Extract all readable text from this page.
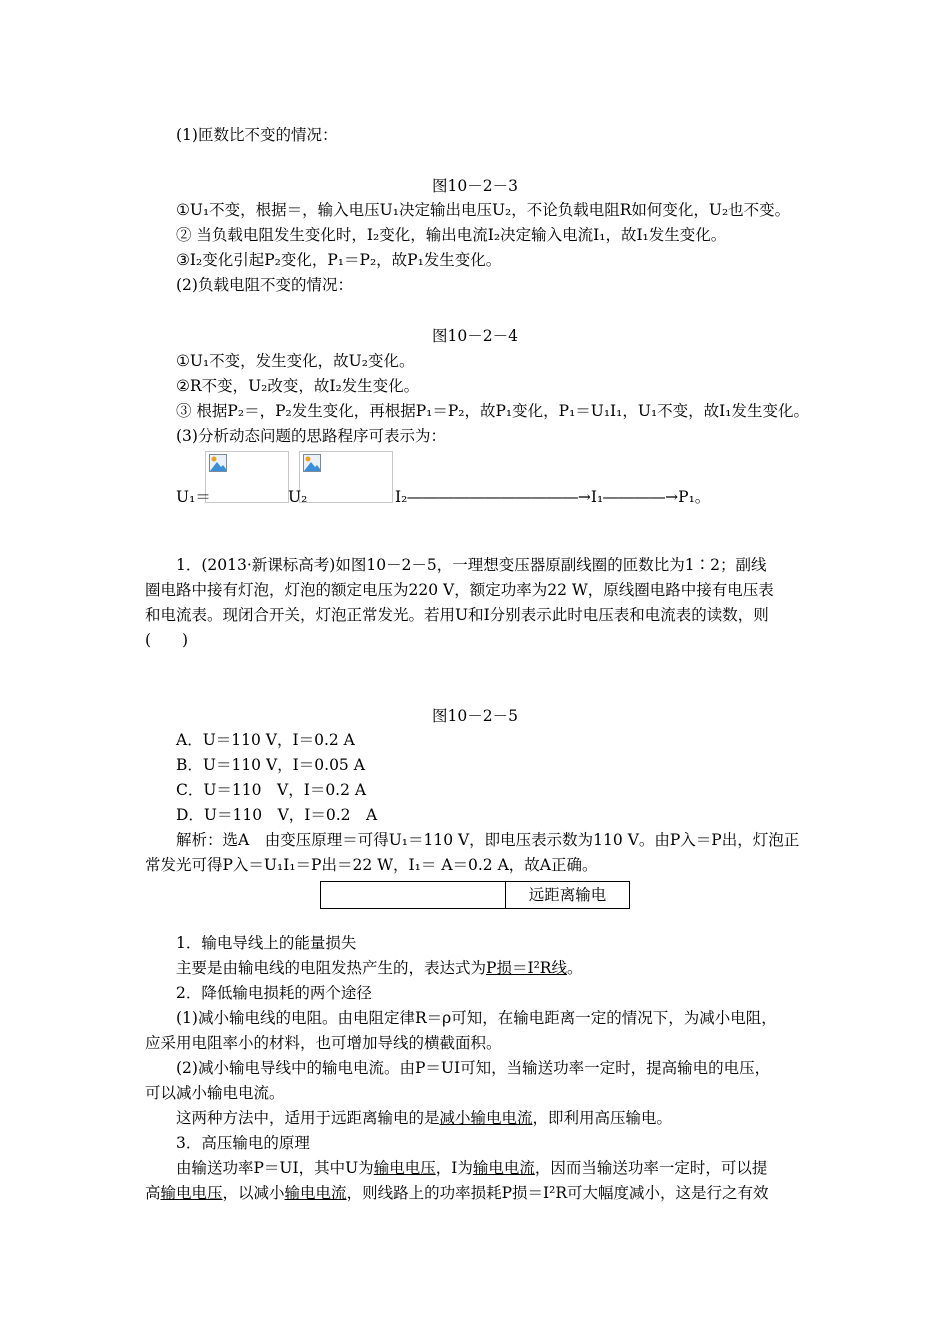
(1)匝数比不变的情况：
图10－2－3
①U₁不变，根据＝，输入电压U₁决定输出电压U₂，不论负载电阻R如何变化，U₂也不变。
② 当负载电阻发生变化时，I₂变化，输出电流I₂决定输入电流I₁，故I₁发生变化。
③I₂变化引起P₂变化，P₁＝P₂，故P₁发生变化。
(2)负载电阻不变的情况：
图10－2－4
①U₁不变，发生变化，故U₂变化。
②R不变，U₂改变，故I₂发生变化。
③ 根据P₂＝，P₂发生变化，再根据P₁＝P₂，故P₁变化，P₁＝U₁I₁，U₁不变，故I₁发生变化。
(3)分析动态问题的思路程序可表示为：
U₁＝	U₂	I₂―――――――――――→I₁――――→P₁。
1．(2013·新课标高考)如图10－2－5，一理想变压器原副线圈的匝数比为1∶2；副线
圈电路中接有灯泡，灯泡的额定电压为220 V，额定功率为22 W，原线圈电路中接有电压表
和电流表。现闭合开关，灯泡正常发光。若用U和I分别表示此时电压表和电流表的读数，则
(　　)
图10－2－5
A．U＝110 V，I＝0.2 A
B．U＝110 V，I＝0.05 A
C．U＝110　V，I＝0.2 A
D．U＝110　V，I＝0.2　A
解析：选A　由变压原理＝可得U₁＝110 V，即电压表示数为110 V。由P入＝P出，灯泡正
常发光可得P入＝U₁I₁＝P出＝22 W，I₁＝ A＝0.2 A，故A正确。
远距离输电
1．输电导线上的能量损失
主要是由输电线的电阻发热产生的，表达式为P损＝I²R线。
2．降低输电损耗的两个途径
(1)减小输电线的电阻。由电阻定律R＝ρ可知，在输电距离一定的情况下，为减小电阻，
应采用电阻率小的材料，也可增加导线的横截面积。
(2)减小输电导线中的输电电流。由P＝UI可知，当输送功率一定时，提高输电的电压，
可以减小输电电流。
这两种方法中，适用于远距离输电的是减小输电电流，即利用高压输电。
3．高压输电的原理
由输送功率P＝UI，其中U为输电电压，I为输电电流，因而当输送功率一定时，可以提
高输电电压，以减小输电电流，则线路上的功率损耗P损＝I²R可大幅度减小，这是行之有效
